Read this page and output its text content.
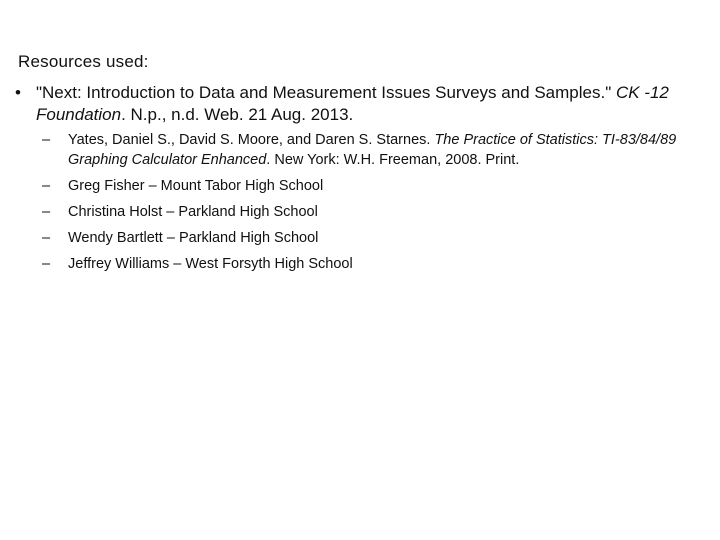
Resources used:
• "Next: Introduction to Data and Measurement Issues Surveys and Samples." CK -12 Foundation. N.p., n.d. Web. 21 Aug. 2013.
–	Yates, Daniel S., David S. Moore, and Daren S. Starnes. The Practice of Statistics: TI-83/84/89 Graphing Calculator Enhanced. New York: W.H. Freeman, 2008. Print.
–	Greg Fisher – Mount Tabor High School
–	Christina Holst – Parkland High School
–	Wendy Bartlett – Parkland High School
–	Jeffrey Williams – West Forsyth High School
